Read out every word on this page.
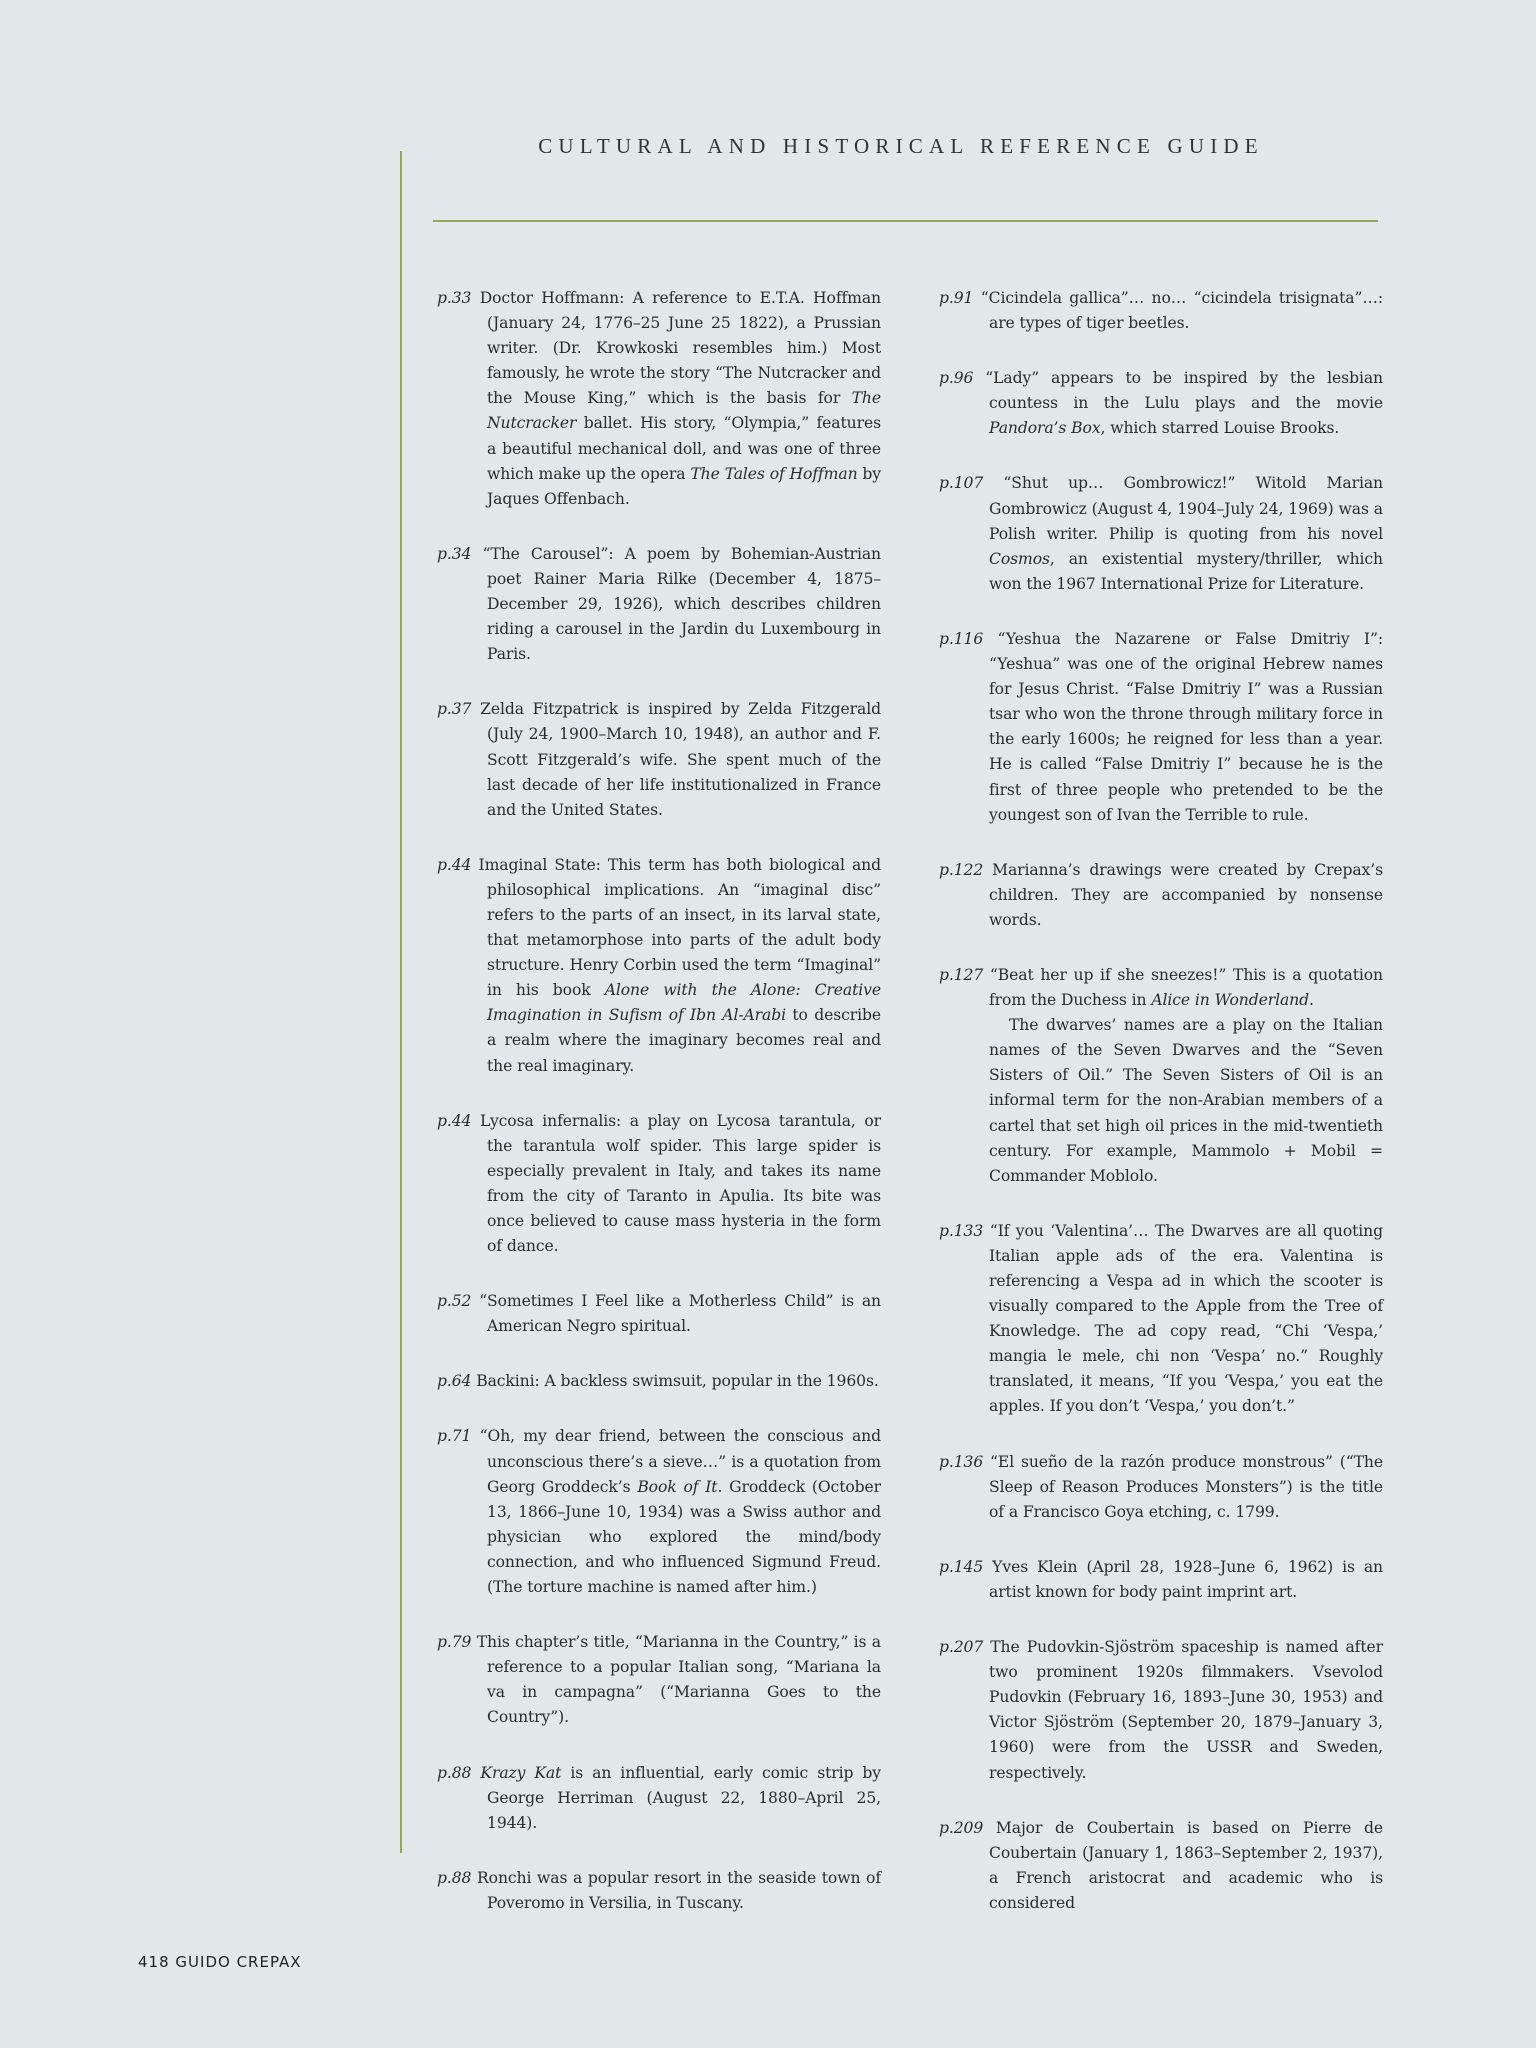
CULTURAL AND HISTORICAL REFERENCE GUIDE

p.33 Doctor Hoffmann: A reference to E.T.A. Hoffman (January 24, 1776–25 June 25 1822), a Prussian writer. (Dr. Krowkoski resembles him.) Most famously, he wrote the story “The Nutcracker and the Mouse King,” which is the basis for The Nutcracker ballet. His story, “Olympia,” features a beautiful mechanical doll, and was one of three which make up the opera The Tales of Hoffman by Jaques Offenbach.

p.34 “The Carousel”: A poem by Bohemian-Austrian poet Rainer Maria Rilke (December 4, 1875–December 29, 1926), which describes children riding a carousel in the Jardin du Luxembourg in Paris.

p.37 Zelda Fitzpatrick is inspired by Zelda Fitzgerald (July 24, 1900–March 10, 1948), an author and F. Scott Fitzgerald’s wife. She spent much of the last decade of her life institutionalized in France and the United States.

p.44 Imaginal State: This term has both biological and philosophical implications. An “imaginal disc” refers to the parts of an insect, in its larval state, that metamorphose into parts of the adult body structure. Henry Corbin used the term “Imaginal” in his book Alone with the Alone: Creative Imagination in Sufism of Ibn Al-Arabi to describe a realm where the imaginary becomes real and the real imaginary.

p.44 Lycosa infernalis: a play on Lycosa tarantula, or the tarantula wolf spider. This large spider is especially prevalent in Italy, and takes its name from the city of Taranto in Apulia. Its bite was once believed to cause mass hysteria in the form of dance.

p.52 “Sometimes I Feel like a Motherless Child” is an American Negro spiritual.

p.64 Backini: A backless swimsuit, popular in the 1960s.

p.71 “Oh, my dear friend, between the conscious and unconscious there’s a sieve…” is a quotation from Georg Groddeck’s Book of It. Groddeck (October 13, 1866–June 10, 1934) was a Swiss author and physician who explored the mind/body connection, and who influenced Sigmund Freud. (The torture machine is named after him.)

p.79 This chapter’s title, “Marianna in the Country,” is a reference to a popular Italian song, “Mariana la va in campagna” (“Marianna Goes to the Country”).

p.88 Krazy Kat is an influential, early comic strip by George Herriman (August 22, 1880–April 25, 1944).

p.88 Ronchi was a popular resort in the seaside town of Poveromo in Versilia, in Tuscany.

p.91 “Cicindela gallica”… no… “cicindela trisignata”…: are types of tiger beetles.

p.96 “Lady” appears to be inspired by the lesbian countess in the Lulu plays and the movie Pandora’s Box, which starred Louise Brooks.

p.107 “Shut up… Gombrowicz!” Witold Marian Gombrowicz (August 4, 1904–July 24, 1969) was a Polish writer. Philip is quoting from his novel Cosmos, an existential mystery/thriller, which won the 1967 International Prize for Literature.

p.116 “Yeshua the Nazarene or False Dmitriy I”: “Yeshua” was one of the original Hebrew names for Jesus Christ. “False Dmitriy I” was a Russian tsar who won the throne through military force in the early 1600s; he reigned for less than a year. He is called “False Dmitriy I” because he is the first of three people who pretended to be the youngest son of Ivan the Terrible to rule.

p.122 Marianna’s drawings were created by Crepax’s children. They are accompanied by nonsense words.

p.127 “Beat her up if she sneezes!” This is a quotation from the Duchess in Alice in Wonderland.
The dwarves’ names are a play on the Italian names of the Seven Dwarves and the “Seven Sisters of Oil.” The Seven Sisters of Oil is an informal term for the non-Arabian members of a cartel that set high oil prices in the mid-twentieth century. For example, Mammolo + Mobil = Commander Moblolo.

p.133 “If you ‘Valentina’… The Dwarves are all quoting Italian apple ads of the era. Valentina is referencing a Vespa ad in which the scooter is visually compared to the Apple from the Tree of Knowledge. The ad copy read, “Chi ‘Vespa,’ mangia le mele, chi non ‘Vespa’ no.” Roughly translated, it means, “If you ‘Vespa,’ you eat the apples. If you don’t ‘Vespa,’ you don’t.”

p.136 “El sueño de la razón produce monstrous” (“The Sleep of Reason Produces Monsters”) is the title of a Francisco Goya etching, c. 1799.

p.145 Yves Klein (April 28, 1928–June 6, 1962) is an artist known for body paint imprint art.

p.207 The Pudovkin-Sjöström spaceship is named after two prominent 1920s filmmakers. Vsevolod Pudovkin (February 16, 1893–June 30, 1953) and Victor Sjöström (September 20, 1879–January 3, 1960) were from the USSR and Sweden, respectively.

p.209 Major de Coubertain is based on Pierre de Coubertain (January 1, 1863–September 2, 1937), a French aristocrat and academic who is considered

418 GUIDO CREPAX
